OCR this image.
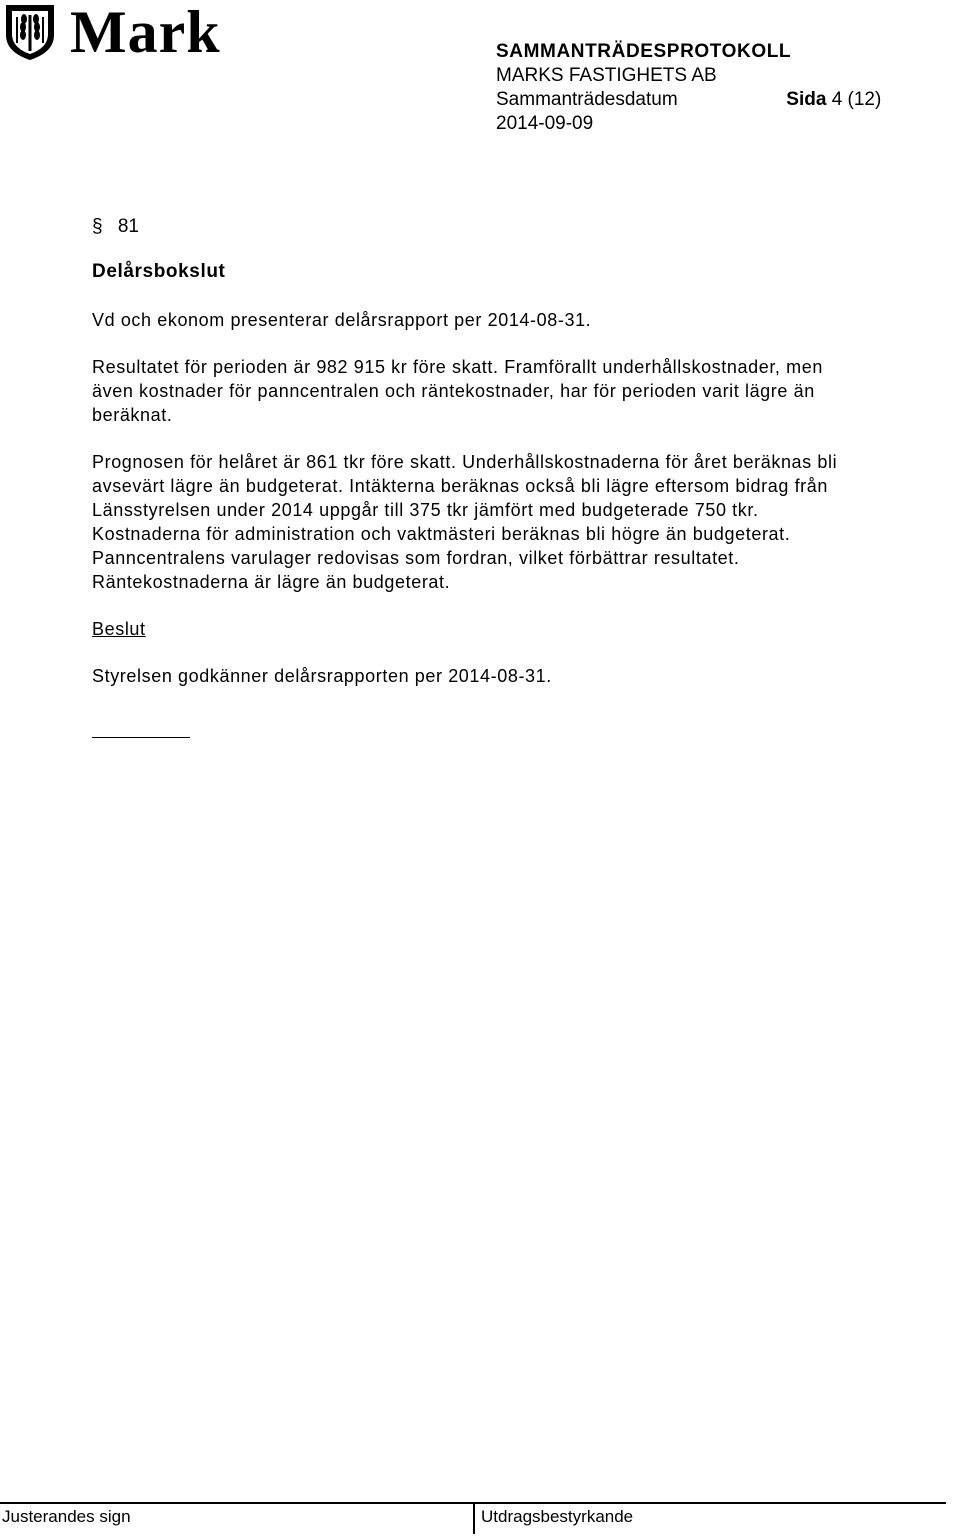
Mark	SAMMANTRÄDESPROTOKOLL
MARKS FASTIGHETS AB
Sammanträdesdatum	Sida 4 (12)
2014-09-09
§ 81

Delårsbokslut

Vd och ekonom presenterar delårsrapport per 2014-08-31.

Resultatet för perioden är 982 915 kr före skatt. Framförallt underhållskostnader, men

även kostnader för panncentralen och räntekostnader, har för perioden varit lägre än

beräknat.

Prognosen för helåret är 861 tkr före skatt. Underhållskostnaderna för året beräknas bli

avsevärt lägre än budgeterat. Intäkterna beräknas också bli lägre eftersom bidrag från

Länsstyrelsen under 2014 uppgår till 375 tkr jämfört med budgeterade 750 tkr.

Kostnaderna för administration och vaktmästeri beräknas bli högre än budgeterat.

Panncentralens varulager redovisas som fordran, vilket förbättrar resultatet.

Räntekostnaderna är lägre än budgeterat.

Beslut

Styrelsen godkänner delårsrapporten per 2014-08-31.

Justerandes sign	Utdragsbestyrkande
